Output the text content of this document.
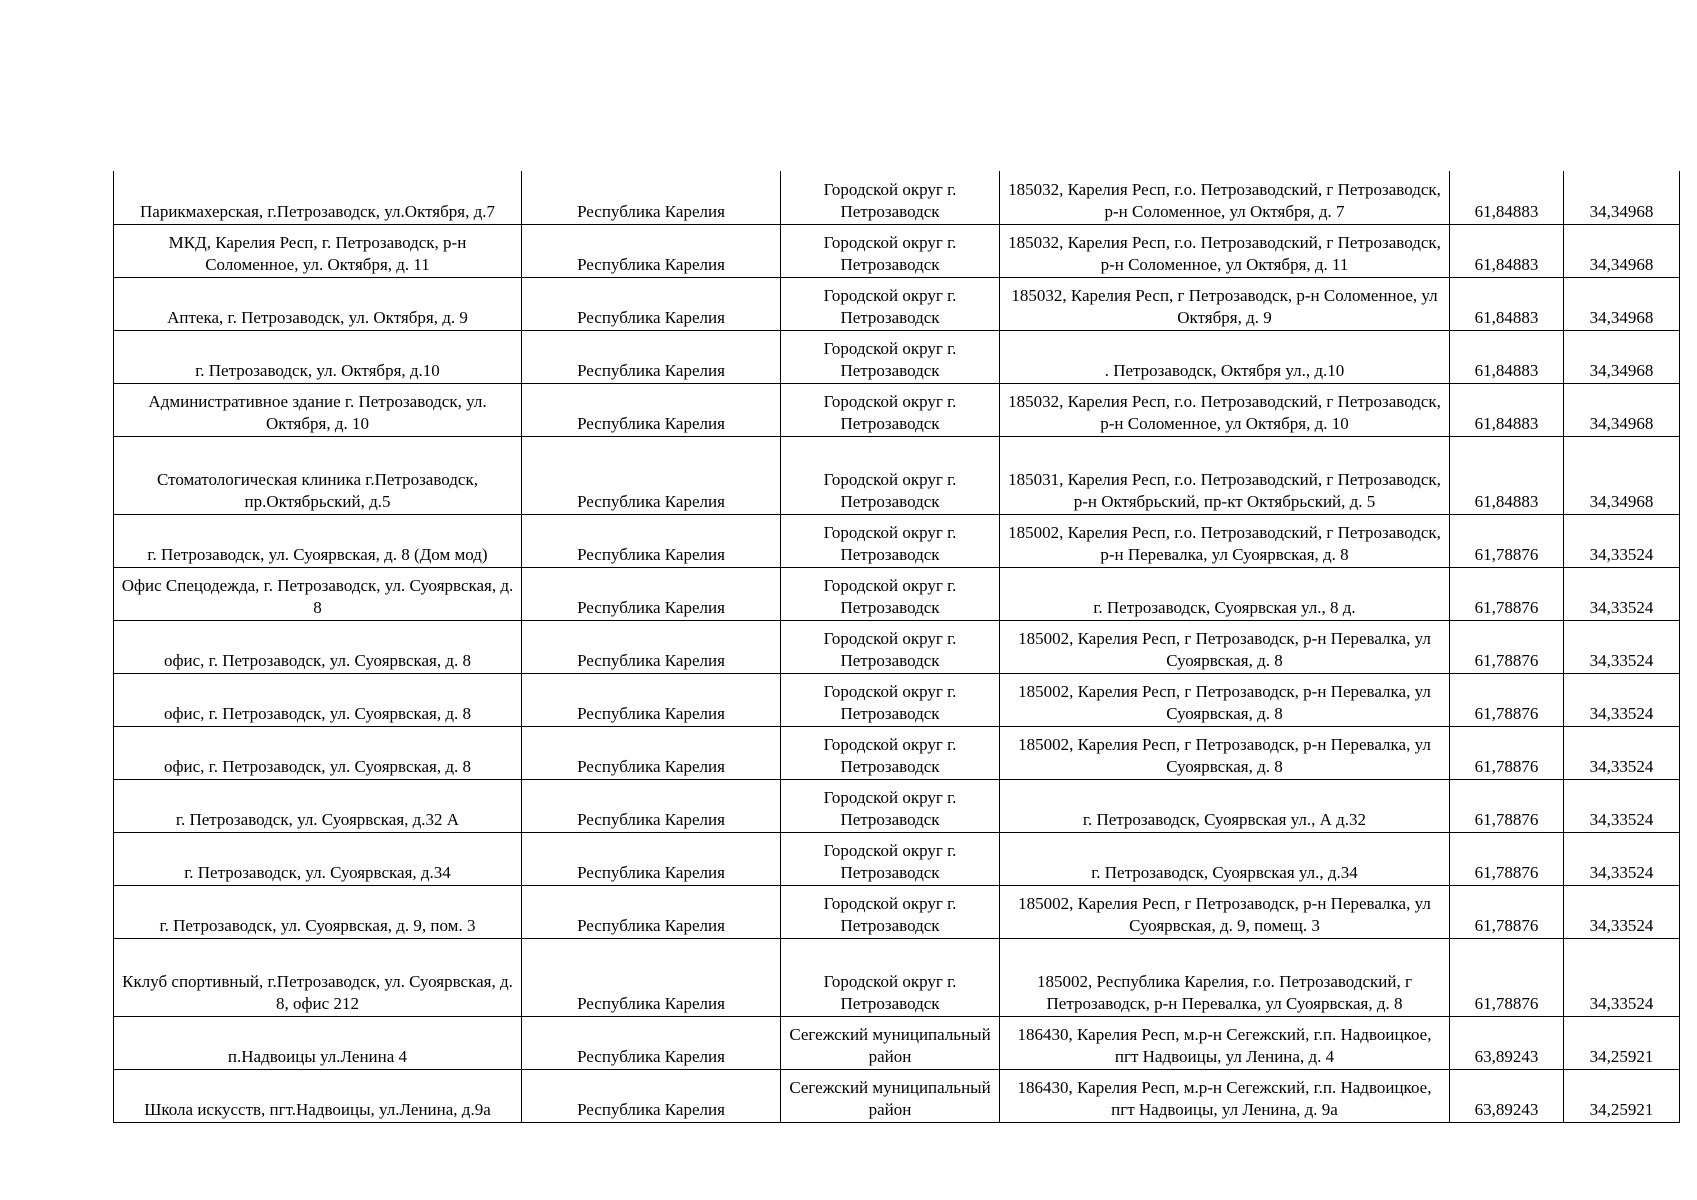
Парикмахерская, г.Петрозаводск, ул.Октября, д.7	Республика Карелия	Городской округ г. Петрозаводск	185032, Карелия Респ, г.о. Петрозаводский, г Петрозаводск, р-н Соломенное, ул Октября, д. 7	61,84883	34,34968
МКД, Карелия Респ, г. Петрозаводск, р-н Соломенное, ул. Октября, д. 11	Республика Карелия	Городской округ г. Петрозаводск	185032, Карелия Респ, г.о. Петрозаводский, г Петрозаводск, р-н Соломенное, ул Октября, д. 11	61,84883	34,34968
Аптека, г. Петрозаводск, ул. Октября, д. 9	Республика Карелия	Городской округ г. Петрозаводск	185032, Карелия Респ, г Петрозаводск, р-н Соломенное, ул Октября, д. 9	61,84883	34,34968
г. Петрозаводск, ул. Октября, д.10	Республика Карелия	Городской округ г. Петрозаводск	. Петрозаводск, Октября ул., д.10	61,84883	34,34968
Административное здание г. Петрозаводск, ул. Октября, д. 10	Республика Карелия	Городской округ г. Петрозаводск	185032, Карелия Респ, г.о. Петрозаводский, г Петрозаводск, р-н Соломенное, ул Октября, д. 10	61,84883	34,34968
Стоматологическая клиника г.Петрозаводск, пр.Октябрьский, д.5	Республика Карелия	Городской округ г. Петрозаводск	185031, Карелия Респ, г.о. Петрозаводский, г Петрозаводск, р-н Октябрьский, пр-кт Октябрьский, д. 5	61,84883	34,34968
г. Петрозаводск, ул. Суоярвская, д. 8 (Дом мод)	Республика Карелия	Городской округ г. Петрозаводск	185002, Карелия Респ, г.о. Петрозаводский, г Петрозаводск, р-н Перевалка, ул Суоярвская, д. 8	61,78876	34,33524
Офис Спецодежда, г. Петрозаводск, ул. Суоярвская, д. 8	Республика Карелия	Городской округ г. Петрозаводск	г. Петрозаводск, Суоярвская ул., 8 д.	61,78876	34,33524
офис, г. Петрозаводск, ул. Суоярвская, д. 8	Республика Карелия	Городской округ г. Петрозаводск	185002, Карелия Респ, г Петрозаводск, р-н Перевалка, ул Суоярвская, д. 8	61,78876	34,33524
офис, г. Петрозаводск, ул. Суоярвская, д. 8	Республика Карелия	Городской округ г. Петрозаводск	185002, Карелия Респ, г Петрозаводск, р-н Перевалка, ул Суоярвская, д. 8	61,78876	34,33524
офис, г. Петрозаводск, ул. Суоярвская, д. 8	Республика Карелия	Городской округ г. Петрозаводск	185002, Карелия Респ, г Петрозаводск, р-н Перевалка, ул Суоярвская, д. 8	61,78876	34,33524
г. Петрозаводск, ул. Суоярвская, д.32 А	Республика Карелия	Городской округ г. Петрозаводск	г. Петрозаводск, Суоярвская ул., А д.32	61,78876	34,33524
г. Петрозаводск, ул. Суоярвская, д.34	Республика Карелия	Городской округ г. Петрозаводск	г. Петрозаводск, Суоярвская ул., д.34	61,78876	34,33524
г. Петрозаводск, ул. Суоярвская, д. 9, пом. 3	Республика Карелия	Городской округ г. Петрозаводск	185002, Карелия Респ, г Петрозаводск, р-н Перевалка, ул Суоярвская, д. 9, помещ. 3	61,78876	34,33524
Кклуб спортивный, г.Петрозаводск, ул. Суоярвская, д. 8, офис 212	Республика Карелия	Городской округ г. Петрозаводск	185002, Республика Карелия, г.о. Петрозаводский, г Петрозаводск, р-н Перевалка, ул Суоярвская, д. 8	61,78876	34,33524
п.Надвоицы ул.Ленина 4	Республика Карелия	Сегежский муниципальный район	186430, Карелия Респ, м.р-н Сегежский, г.п. Надвоицкое, пгт Надвоицы, ул Ленина, д. 4	63,89243	34,25921
Школа искусств, пгт.Надвоицы, ул.Ленина, д.9а	Республика Карелия	Сегежский муниципальный район	186430, Карелия Респ, м.р-н Сегежский, г.п. Надвоицкое, пгт Надвоицы, ул Ленина, д. 9а	63,89243	34,25921
